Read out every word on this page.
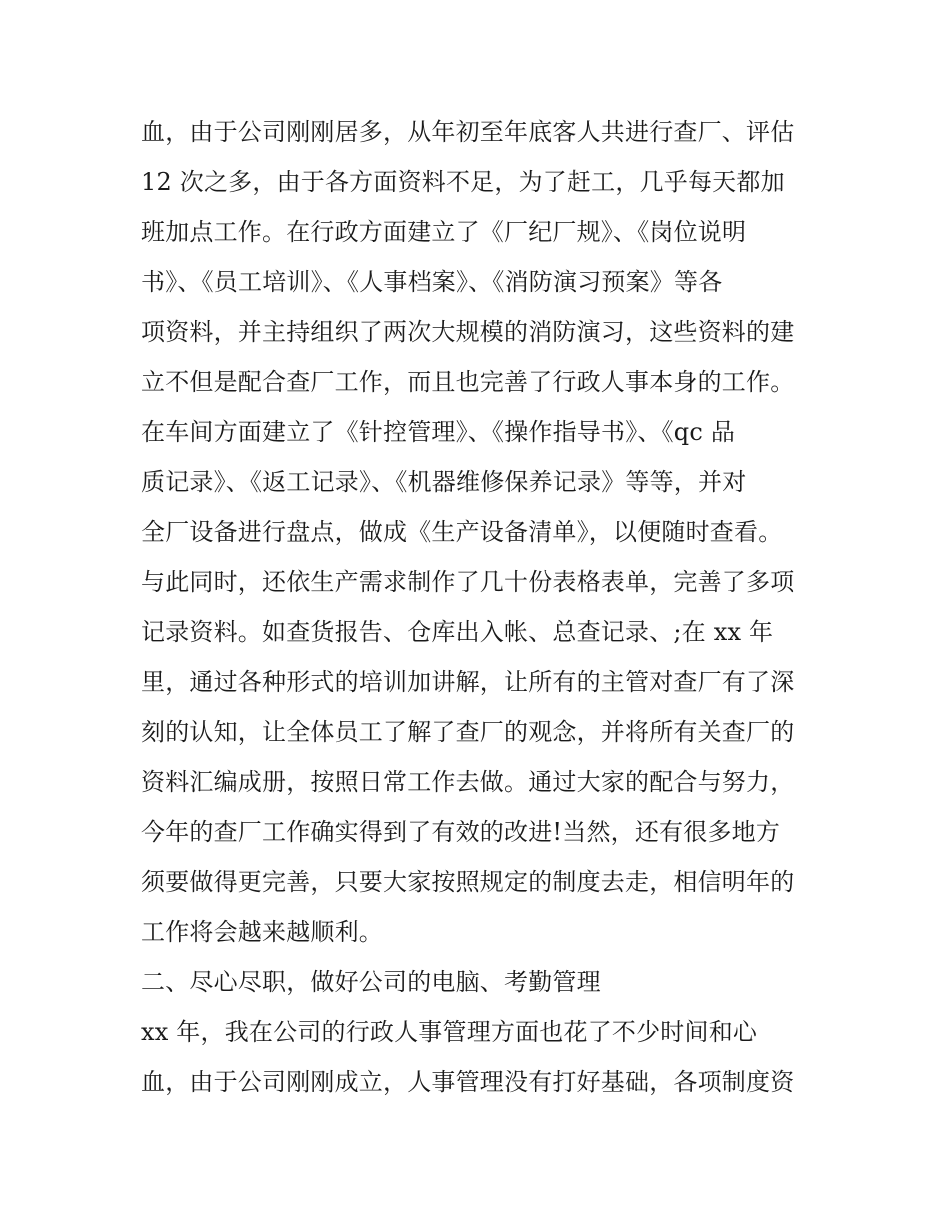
血，由于公司刚刚居多，从年初至年底客人共进行查厂、评估
12 次之多，由于各方面资料不足，为了赶工，几乎每天都加
班加点工作。在行政方面建立了《厂纪厂规》、《岗位说明
书》、《员工培训》、《人事档案》、《消防演习预案》等各
项资料，并主持组织了两次大规模的消防演习，这些资料的建
立不但是配合查厂工作，而且也完善了行政人事本身的工作。
在车间方面建立了《针控管理》、《操作指导书》、《qc 品
质记录》、《返工记录》、《机器维修保养记录》等等，并对
全厂设备进行盘点，做成《生产设备清单》，以便随时查看。
与此同时，还依生产需求制作了几十份表格表单，完善了多项
记录资料。如查货报告、仓库出入帐、总查记录、;在 xx 年
里，通过各种形式的培训加讲解，让所有的主管对查厂有了深
刻的认知，让全体员工了解了查厂的观念，并将所有关查厂的
资料汇编成册，按照日常工作去做。通过大家的配合与努力，
今年的查厂工作确实得到了有效的改进!当然，还有很多地方
须要做得更完善，只要大家按照规定的制度去走，相信明年的
工作将会越来越顺利。
二、尽心尽职，做好公司的电脑、考勤管理
xx 年，我在公司的行政人事管理方面也花了不少时间和心
血，由于公司刚刚成立，人事管理没有打好基础，各项制度资
